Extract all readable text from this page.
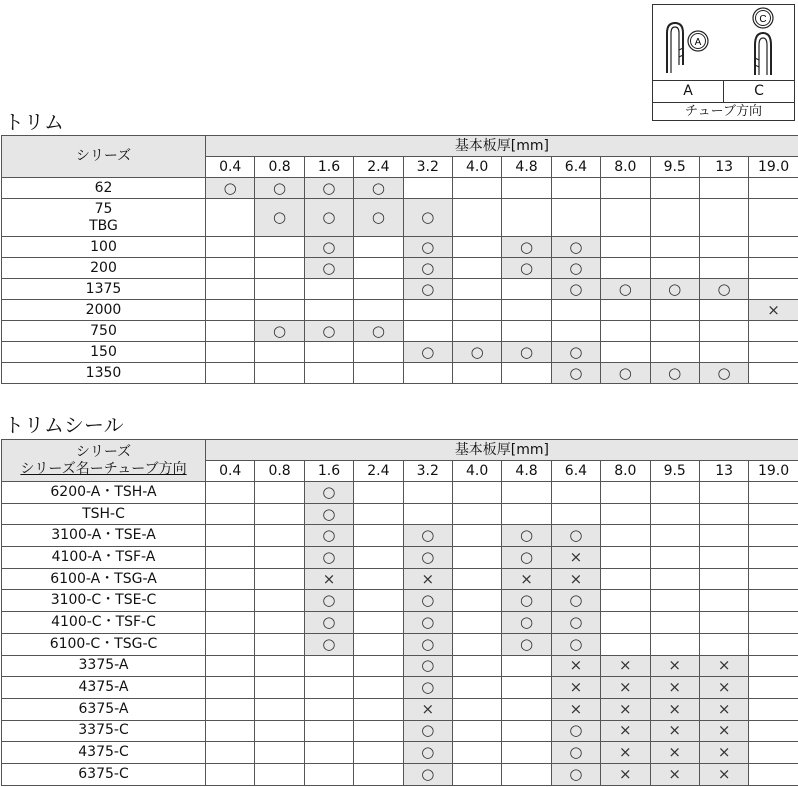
A
C
A	C
チューブ方向
トリム
シリーズ	基本板厚[mm]											
	0.4	0.8	1.6	2.4	3.2	4.0	4.8	6.4	8.0	9.5	13	19.0

62	○	○	○	○								

75
TBG		○	○	○	○							

100			○		○		○	○				

200			○		○		○	○				

1375					○			○	○	○	○	

2000												×

750		○	○	○								

150					○	○	○	○				

1350								○	○	○	○	
トリムシール
シリーズ
シリーズ名ーチューブ方向	基本板厚[mm]											
	0.4	0.8	1.6	2.4	3.2	4.0	4.8	6.4	8.0	9.5	13	19.0

6200-A・TSH-A			○									

TSH-C			○									

3100-A・TSE-A			○		○		○	○				

4100-A・TSF-A			○		○		○	×				

6100-A・TSG-A			×		×		×	×				

3100-C・TSE-C			○		○		○	○				

4100-C・TSF-C			○		○		○	○				

6100-C・TSG-C			○		○		○	○				

3375-A					○			×	×	×	×	

4375-A					○			×	×	×	×	

6375-A					×			×	×	×	×	

3375-C					○			○	×	×	×	

4375-C					○			○	×	×	×	

6375-C					○			○	×	×	×	
